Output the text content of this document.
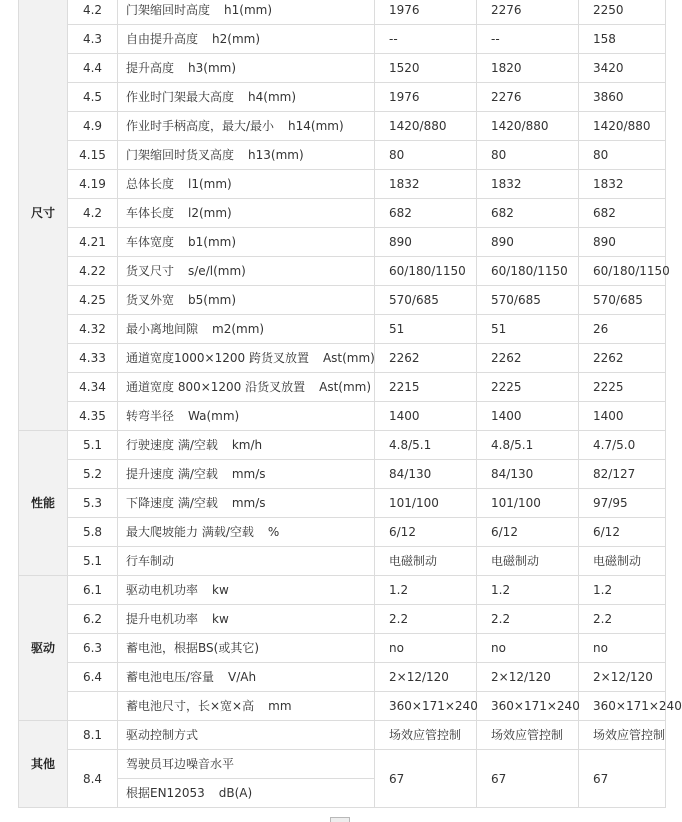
尺寸	4.2	门架缩回时高度 h1(mm)	1976	2276	2250
	4.3	自由提升高度 h2(mm)	--	--	158
	4.4	提升高度 h3(mm)	1520	1820	3420
	4.5	作业时门架最大高度 h4(mm)	1976	2276	3860
	4.9	作业时手柄高度，最大/最小 h14(mm)	1420/880	1420/880	1420/880
	4.15	门架缩回时货叉高度 h13(mm)	80	80	80
	4.19	总体长度 l1(mm)	1832	1832	1832
	4.2	车体长度 l2(mm)	682	682	682
	4.21	车体宽度 b1(mm)	890	890	890
	4.22	货叉尺寸 s/e/l(mm)	60/180/1150	60/180/1150	60/180/1150
	4.25	货叉外宽 b5(mm)	570/685	570/685	570/685
	4.32	最小离地间隙 m2(mm)	51	51	26
	4.33	通道宽度1000×1200 跨货叉放置 Ast(mm)	2262	2262	2262
	4.34	通道宽度 800×1200 沿货叉放置 Ast(mm)	2215	2225	2225
	4.35	转弯半径 Wa(mm)	1400	1400	1400
性能	5.1	行驶速度 满/空载 km/h	4.8/5.1	4.8/5.1	4.7/5.0
	5.2	提升速度 满/空载 mm/s	84/130	84/130	82/127
	5.3	下降速度 满/空载 mm/s	101/100	101/100	97/95
	5.8	最大爬坡能力 满载/空载 %	6/12	6/12	6/12
	5.1	行车制动	电磁制动	电磁制动	电磁制动
驱动	6.1	驱动电机功率 kw	1.2	1.2	1.2
	6.2	提升电机功率 kw	2.2	2.2	2.2
	6.3	蓄电池，根据BS(或其它)	no	no	no
	6.4	蓄电池电压/容量 V/Ah	2×12/120	2×12/120	2×12/120
		蓄电池尺寸，长×宽×高 mm	360×171×240	360×171×240	360×171×240
其他	8.1	驱动控制方式	场效应管控制	场效应管控制	场效应管控制
	8.4	驾驶员耳边噪音水平	67	67	67
		根据EN12053 dB(A)			
